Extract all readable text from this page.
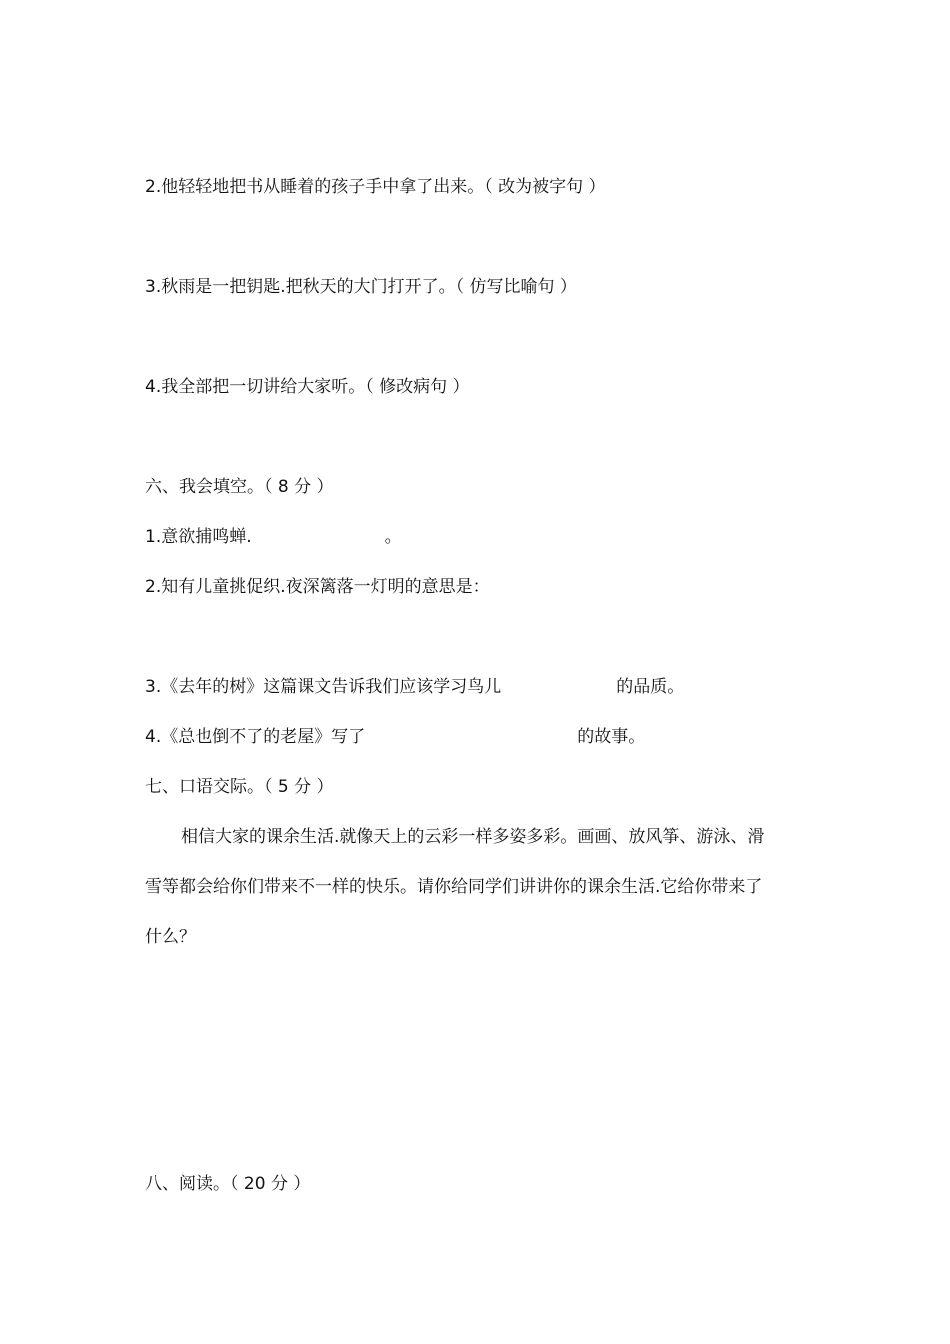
2.他轻轻地把书从睡着的孩子手中拿了出来。（ 改为被字句 ）
3.秋雨是一把钥匙.把秋天的大门打开了。（ 仿写比喻句 ）
4.我全部把一切讲给大家听。（ 修改病句 ）
六、我会填空。（ 8 分 ）
1.意欲捕鸣蝉.	。
2.知有儿童挑促织.夜深篱落一灯明的意思是：
3.《去年的树》这篇课文告诉我们应该学习鸟儿	的品质。
4.《总也倒不了的老屋》写了	的故事。
七、口语交际。（ 5 分 ）
相信大家的课余生活.就像天上的云彩一样多姿多彩。画画、放风筝、游泳、滑
雪等都会给你们带来不一样的快乐。请你给同学们讲讲你的课余生活.它给你带来了
什么？
八、阅读。（ 20 分 ）
